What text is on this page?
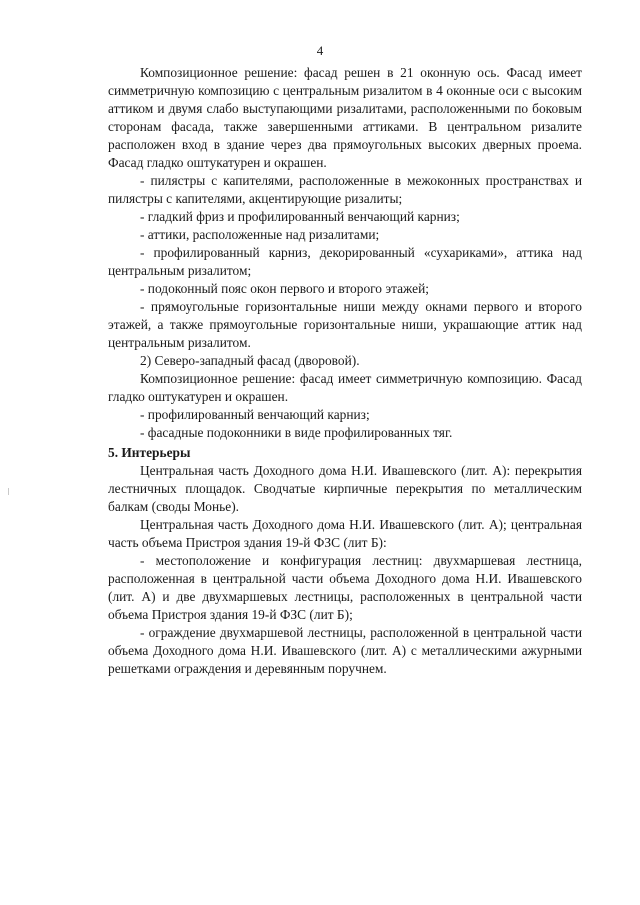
4

Композиционное решение: фасад решен в 21 оконную ось. Фасад имеет симметричную композицию с центральным ризалитом в 4 оконные оси с высоким аттиком и двумя слабо выступающими ризалитами, расположенными по боковым сторонам фасада, также завершенными аттиками. В центральном ризалите расположен вход в здание через два прямоугольных высоких дверных проема. Фасад гладко оштукатурен и окрашен.

- пилястры с капителями, расположенные в межоконных пространствах и пилястры с капителями, акцентирующие ризалиты;

- гладкий фриз и профилированный венчающий карниз;

- аттики, расположенные над ризалитами;

- профилированный карниз, декорированный «сухариками», аттика над центральным ризалитом;

- подоконный пояс окон первого и второго этажей;

- прямоугольные горизонтальные ниши между окнами первого и второго этажей, а также прямоугольные горизонтальные ниши, украшающие аттик над центральным ризалитом.

2) Северо-западный фасад (дворовой).

Композиционное решение: фасад имеет симметричную композицию. Фасад гладко оштукатурен и окрашен.

- профилированный венчающий карниз;

- фасадные подоконники в виде профилированных тяг.

5. Интерьеры

Центральная часть Доходного дома Н.И. Ивашевского (лит. А): перекрытия лестничных площадок. Сводчатые кирпичные перекрытия по металлическим балкам (своды Монье).

Центральная часть Доходного дома Н.И. Ивашевского (лит. А); центральная часть объема Пристроя здания 19-й ФЗС (лит Б):

- местоположение и конфигурация лестниц: двухмаршевая лестница, расположенная в центральной части объема Доходного дома Н.И. Ивашевского (лит. А) и две двухмаршевых лестницы, расположенных в центральной части объема Пристроя здания 19-й ФЗС (лит Б);

- ограждение двухмаршевой лестницы, расположенной в центральной части объема Доходного дома Н.И. Ивашевского (лит. А) с металлическими ажурными решетками ограждения и деревянным поручнем.
